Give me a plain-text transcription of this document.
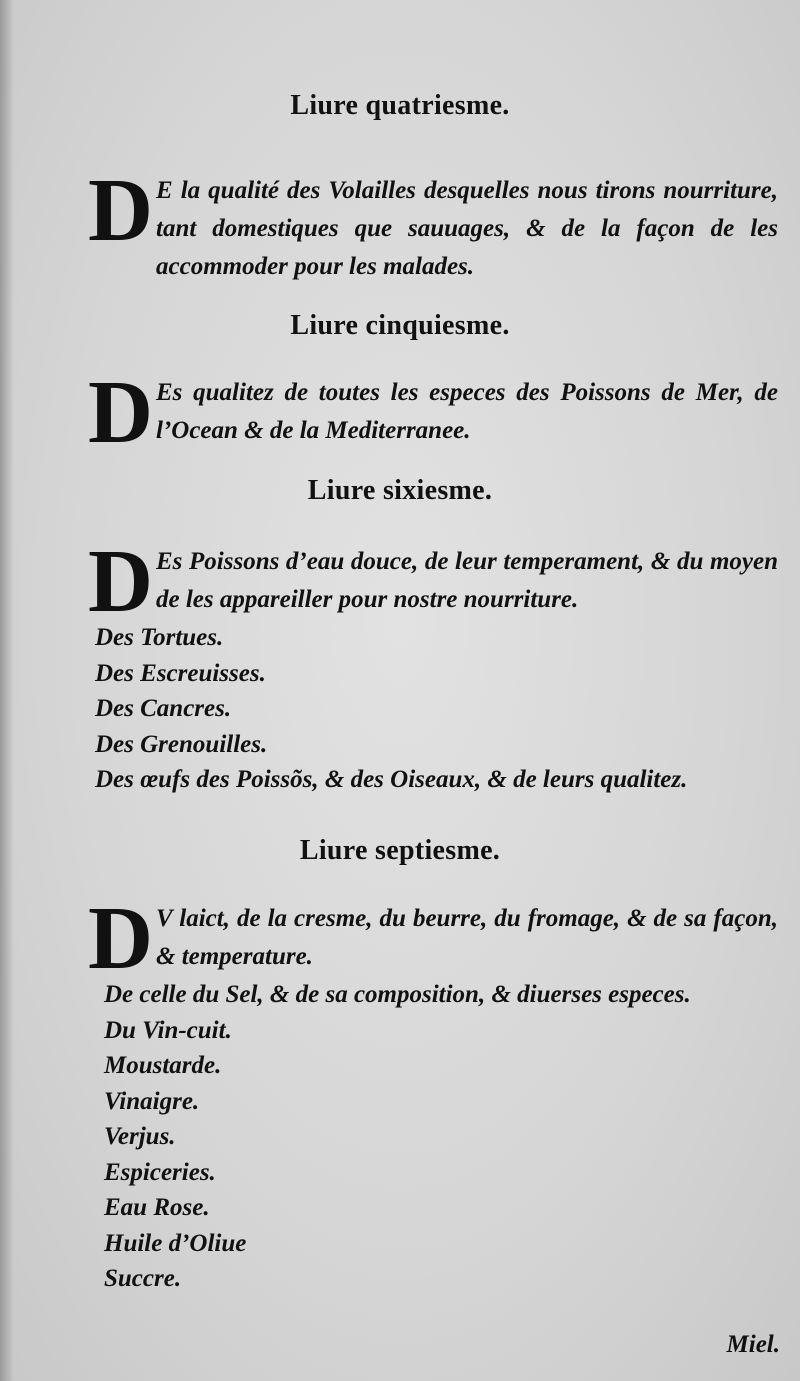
Liure quatriesme.
D E la qualité des Volailles desquelles nous tirons nourriture, tant domestiques que sauuages, & de la façon de les accommoder pour les malades.
Liure cinquiesme.
D Es qualitez de toutes les especes des Poissons de Mer, de l’Ocean & de la Mediterranee.
Liure sixiesme.
D Es Poissons d’eau douce, de leur temperament, & du moyen de les appareiller pour nostre nourriture.
Des Tortues.
Des Escreuisses.
Des Cancres.
Des Grenouilles.
Des œufs des Poissõs, & des Oiseaux, & de leurs qualitez.
Liure septiesme.
D V laict, de la cresme, du beurre, du fromage, & de sa façon, & temperature.
De celle du Sel, & de sa composition, & diuerses especes.
Du Vin-cuit.
Moustarde.
Vinaigre.
Verjus.
Espiceries.
Eau Rose.
Huile d’Oliue
Succre.
Miel.
